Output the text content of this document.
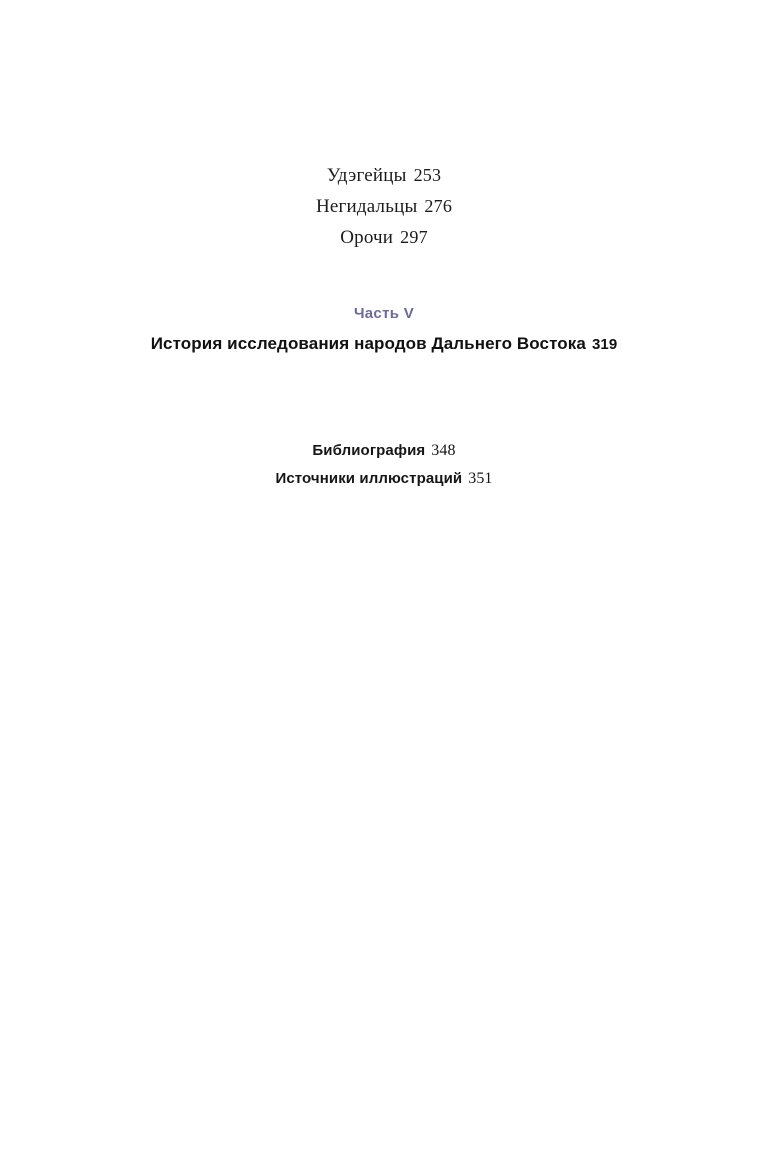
Удэгейцы 253
Негидальцы 276
Орочи 297
Часть V
История исследования народов Дальнего Востока 319
Библиография 348
Источники иллюстраций 351
